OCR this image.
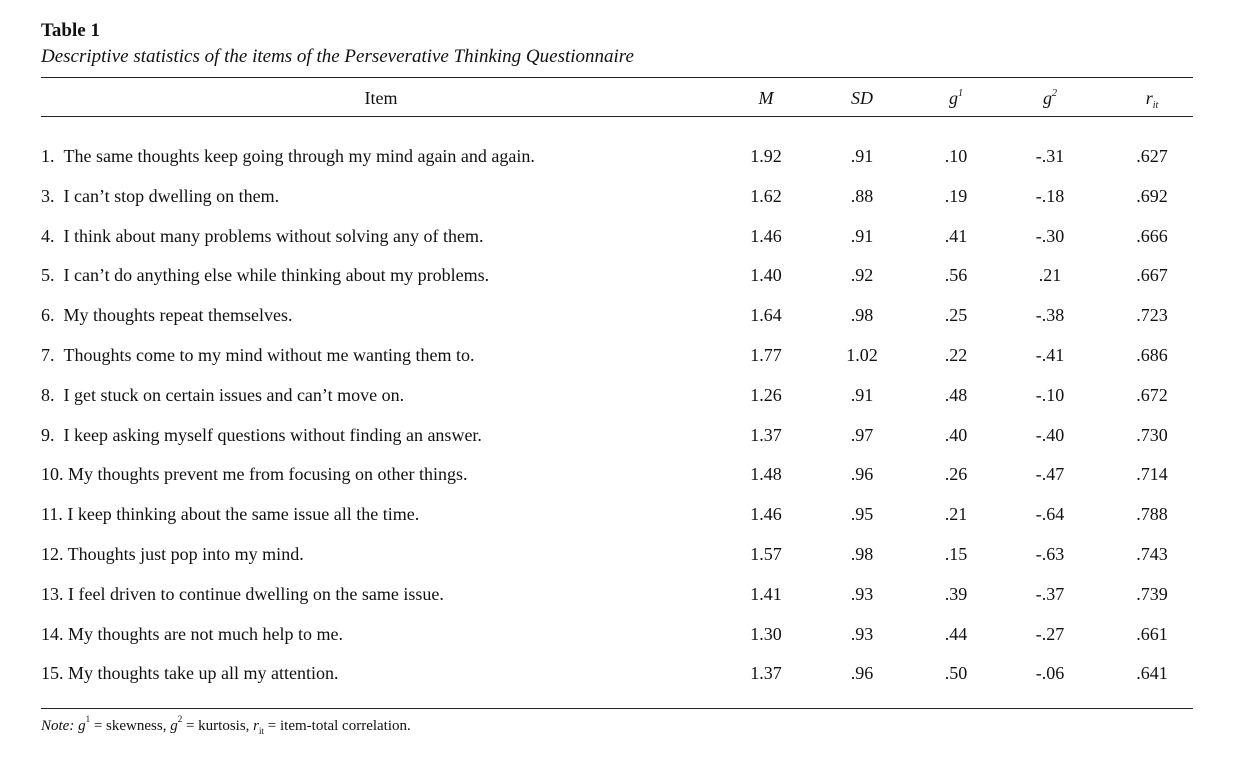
Table 1
Descriptive statistics of the items of the Perseverative Thinking Questionnaire
Item	M	SD	$g^1$	$g^2$	$r_{it}$
1.  The same thoughts keep going through my mind again and again.	1.92	.91	.10	-.31	.627
3.  I can’t stop dwelling on them.	1.62	.88	.19	-.18	.692
4.  I think about many problems without solving any of them.	1.46	.91	.41	-.30	.666
5.  I can’t do anything else while thinking about my problems.	1.40	.92	.56	.21	.667
6.  My thoughts repeat themselves.	1.64	.98	.25	-.38	.723
7.  Thoughts come to my mind without me wanting them to.	1.77	1.02	.22	-.41	.686
8.  I get stuck on certain issues and can’t move on.	1.26	.91	.48	-.10	.672
9.  I keep asking myself questions without finding an answer.	1.37	.97	.40	-.40	.730
10. My thoughts prevent me from focusing on other things.	1.48	.96	.26	-.47	.714
11. I keep thinking about the same issue all the time.	1.46	.95	.21	-.64	.788
12. Thoughts just pop into my mind.	1.57	.98	.15	-.63	.743
13. I feel driven to continue dwelling on the same issue.	1.41	.93	.39	-.37	.739
14. My thoughts are not much help to me.	1.30	.93	.44	-.27	.661
15. My thoughts take up all my attention.	1.37	.96	.50	-.06	.641
Note: $g^1$ = skewness, $g^2$ = kurtosis, $r_{it}$ = item-total correlation.
